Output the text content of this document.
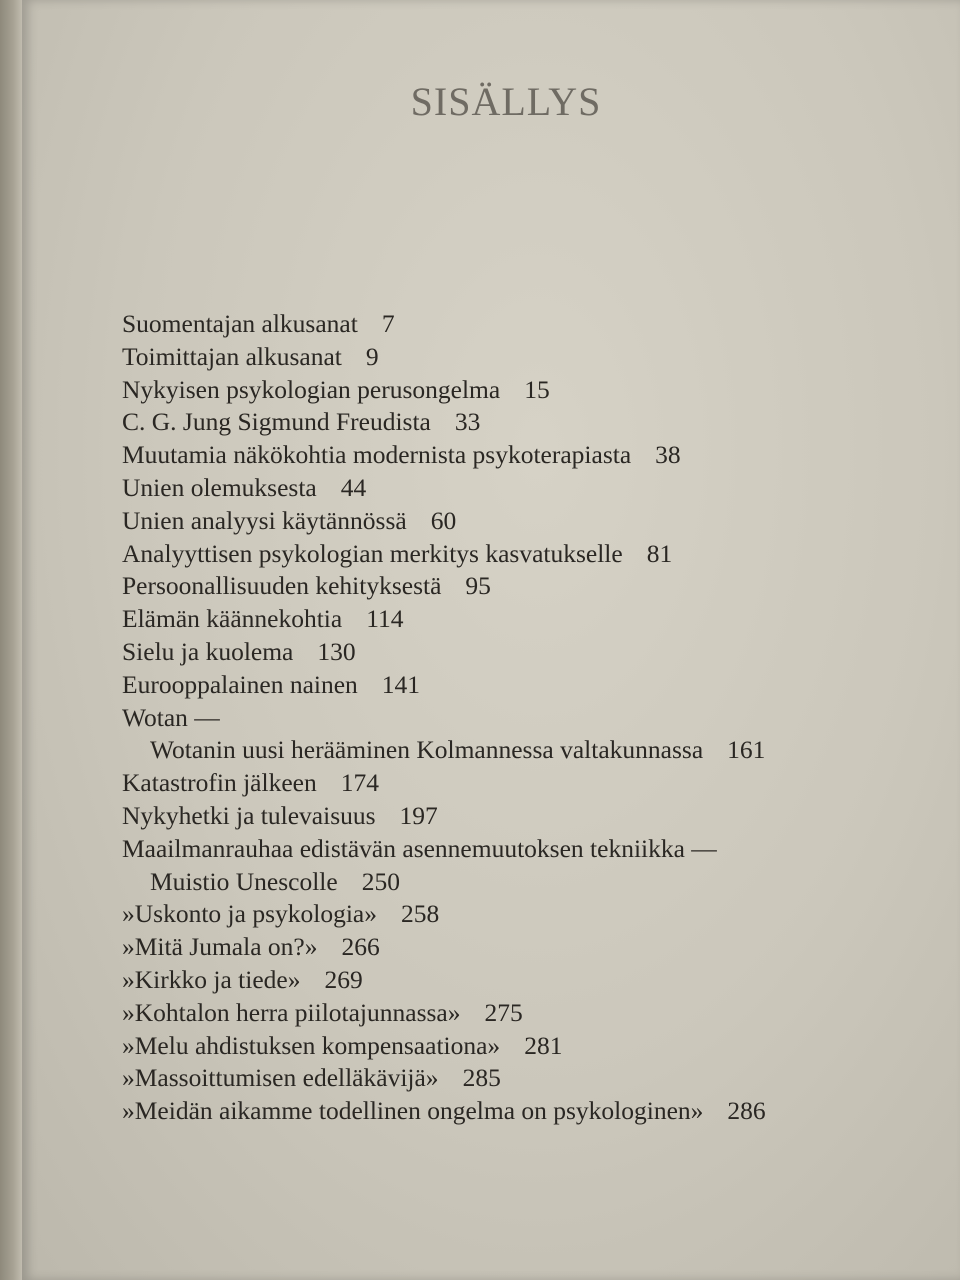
SISÄLLYS
Suomentajan alkusanat 7
Toimittajan alkusanat 9
Nykyisen psykologian perusongelma 15
C. G. Jung Sigmund Freudista 33
Muutamia näkökohtia modernista psykoterapiasta 38
Unien olemuksesta 44
Unien analyysi käytännössä 60
Analyyttisen psykologian merkitys kasvatukselle 81
Persoonallisuuden kehityksestä 95
Elämän käännekohtia 114
Sielu ja kuolema 130
Eurooppalainen nainen 141
Wotan —
Wotanin uusi herääminen Kolmannessa valtakunnassa 161
Katastrofin jälkeen 174
Nykyhetki ja tulevaisuus 197
Maailmanrauhaa edistävän asennemuutoksen tekniikka —
Muistio Unescolle 250
»Uskonto ja psykologia» 258
»Mitä Jumala on?» 266
»Kirkko ja tiede» 269
»Kohtalon herra piilotajunnassa» 275
»Melu ahdistuksen kompensaationa» 281
»Massoittumisen edelläkävijä» 285
»Meidän aikamme todellinen ongelma on psykologinen» 286
